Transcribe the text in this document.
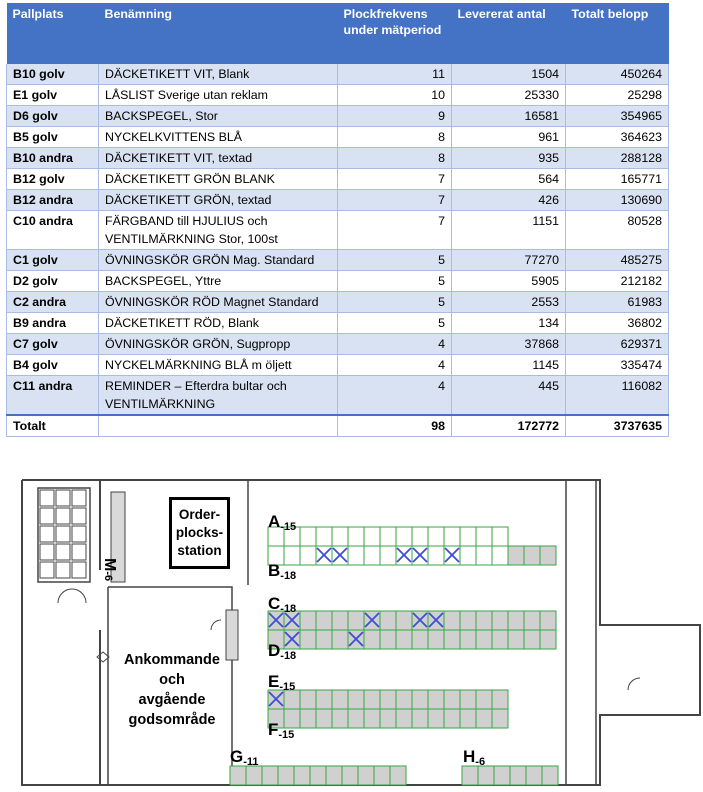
Pallplats	Benämning	Plockfrekvens under mätperiod	Levererat antal	Totalt belopp
B10 golv	DÄCKETIKETT VIT, Blank	11	1504	450264
E1 golv	LÅSLIST Sverige utan reklam	10	25330	25298
D6 golv	BACKSPEGEL, Stor	9	16581	354965
B5 golv	NYCKELKVITTENS BLÅ	8	961	364623
B10 andra	DÄCKETIKETT VIT, textad	8	935	288128
B12 golv	DÄCKETIKETT GRÖN BLANK	7	564	165771
B12 andra	DÄCKETIKETT GRÖN, textad	7	426	130690
C10 andra	FÄRGBAND till HJULIUS och VENTILMÄRKNING Stor, 100st	7	1151	80528
C1 golv	ÖVNINGSKÖR GRÖN Mag. Standard	5	77270	485275
D2 golv	BACKSPEGEL, Yttre	5	5905	212182
C2 andra	ÖVNINGSKÖR RÖD Magnet Standard	5	2553	61983
B9 andra	DÄCKETIKETT RÖD, Blank	5	134	36802
C7 golv	ÖVNINGSKÖR GRÖN, Sugpropp	4	37868	629371
B4 golv	NYCKELMÄRKNING BLÅ m öljett	4	1145	335474
C11 andra	REMINDER – Efterdra bultar och VENTILMÄRKNING	4	445	116082
Totalt		98	172772	3737635
Order-
plocks-
station
Ankommande
och
avgående
godsområde
M-6
$A_{-15}$
$B_{-18}$
$C_{-18}$
$D_{-18}$
$E_{-15}$
$F_{-15}$
$G_{-11}$	$H_{-6}$
